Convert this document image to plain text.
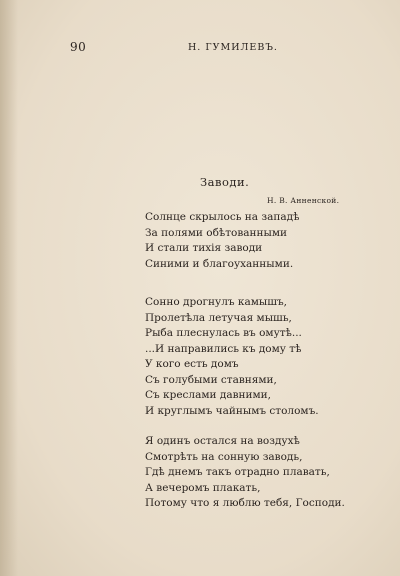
90	Н. ГУМИЛЕВЪ.
Заводи.
Н. В. Анненской.
Солнце скрылось на западѣ
За полями обѣтованными
И стали тихія заводи
Синими и благоуханными.
Сонно дрогнулъ камышъ,
Пролетѣла летучая мышь,
Рыба плеснулась въ омутѣ...
...И направились къ дому тѣ
У кого есть домъ
Съ голубыми ставнями,
Съ креслами давними,
И круглымъ чайнымъ столомъ.
Я одинъ остался на воздухѣ
Смотрѣть на сонную заводь,
Гдѣ днемъ такъ отрадно плавать,
А вечеромъ плакать,
Потому что я люблю тебя, Господи.
